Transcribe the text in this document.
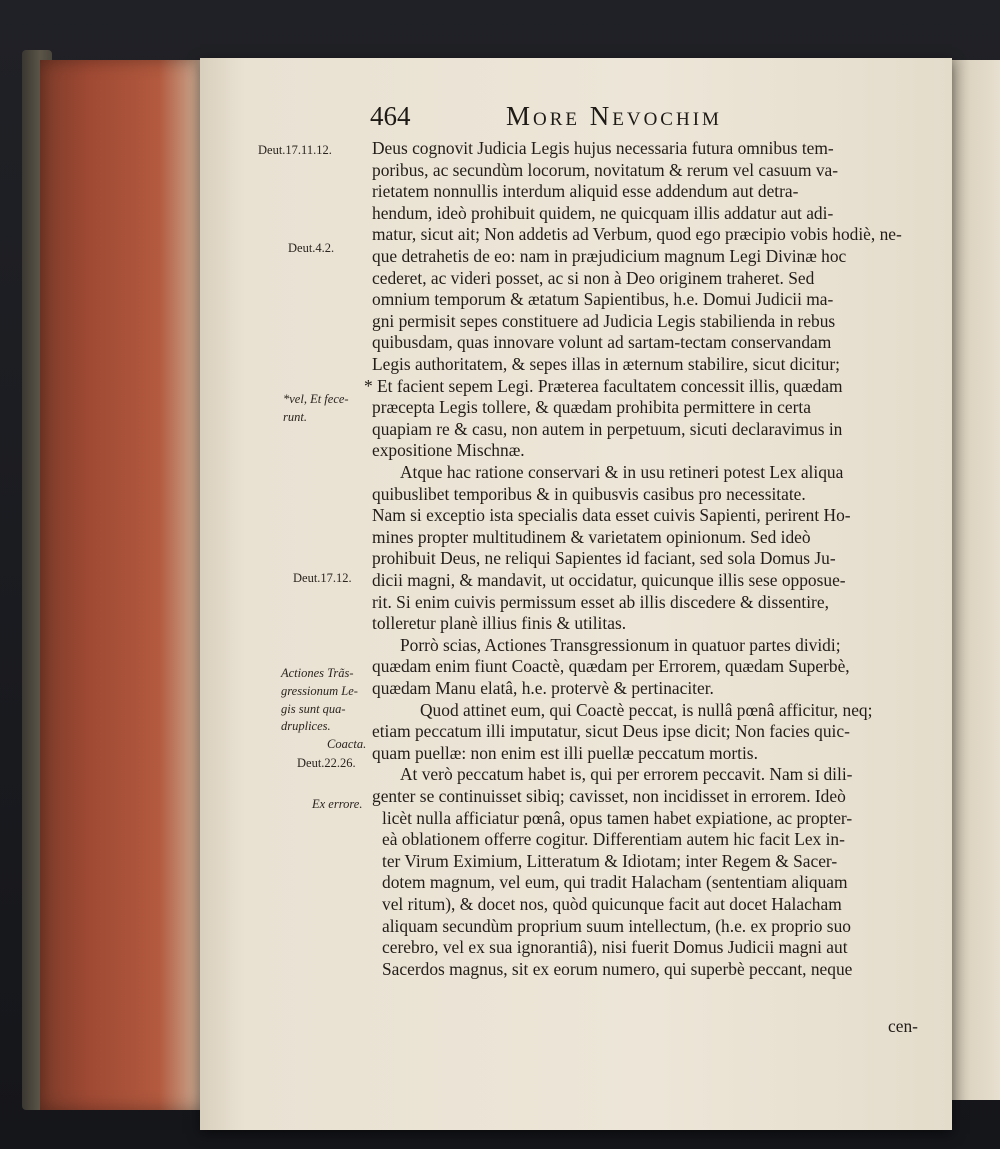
464	More Nevochim
Deut.17.11.12.
Deut.4.2.
*vel, Et fece-
runt.
Deut.17.12.
Actiones Trãs-
gressionum Le-
gis sunt qua-
druplices.
Coacta.
Deut.22.26.
Ex errore.
Deus cognovit Judicia Legis hujus necessaria futura omnibus tem-
poribus, ac secundùm locorum, novitatum & rerum vel casuum va-
rietatem nonnullis interdum aliquid esse addendum aut detra-
hendum, ideò prohibuit quidem, ne quicquam illis addatur aut adi-
matur, sicut ait; Non addetis ad Verbum, quod ego præcipio vobis hodiè, ne-
que detrahetis de eo: nam in præjudicium magnum Legi Divinæ hoc
cederet, ac videri posset, ac si non à Deo originem traheret. Sed
omnium temporum & ætatum Sapientibus, h.e. Domui Judicii ma-
gni permisit sepes constituere ad Judicia Legis stabilienda in rebus
quibusdam, quas innovare volunt ad sartam-tectam conservandam
Legis authoritatem, & sepes illas in æternum stabilire, sicut dicitur;
* Et facient sepem Legi. Præterea facultatem concessit illis, quædam
præcepta Legis tollere, & quædam prohibita permittere in certa
quapiam re & casu, non autem in perpetuum, sicuti declaravimus in
expositione Mischnæ.
Atque hac ratione conservari & in usu retineri potest Lex aliqua
quibuslibet temporibus & in quibusvis casibus pro necessitate.
Nam si exceptio ista specialis data esset cuivis Sapienti, perirent Ho-
mines propter multitudinem & varietatem opinionum. Sed ideò
prohibuit Deus, ne reliqui Sapientes id faciant, sed sola Domus Ju-
dicii magni, & mandavit, ut occidatur, quicunque illis sese opposue-
rit. Si enim cuivis permissum esset ab illis discedere & dissentire,
tolleretur planè illius finis & utilitas.
Porrò scias, Actiones Transgressionum in quatuor partes dividi;
quædam enim fiunt Coactè, quædam per Errorem, quædam Superbè,
quædam Manu elatâ, h.e. protervè & pertinaciter.
Quod attinet eum, qui Coactè peccat, is nullâ pœnâ afficitur, neq;
etiam peccatum illi imputatur, sicut Deus ipse dicit; Non facies quic-
quam puellæ: non enim est illi puellæ peccatum mortis.
At verò peccatum habet is, qui per errorem peccavit. Nam si dili-
genter se continuisset sibiq; cavisset, non incidisset in errorem. Ideò
licèt nulla afficiatur pœnâ, opus tamen habet expiatione, ac propter-
eà oblationem offerre cogitur. Differentiam autem hic facit Lex in-
ter Virum Eximium, Litteratum & Idiotam; inter Regem & Sacer-
dotem magnum, vel eum, qui tradit Halacham (sententiam aliquam
vel ritum), & docet nos, quòd quicunque facit aut docet Halacham
aliquam secundùm proprium suum intellectum, (h.e. ex proprio suo
cerebro, vel ex sua ignorantiâ), nisi fuerit Domus Judicii magni aut
Sacerdos magnus, sit ex eorum numero, qui superbè peccant, neque
cen-
